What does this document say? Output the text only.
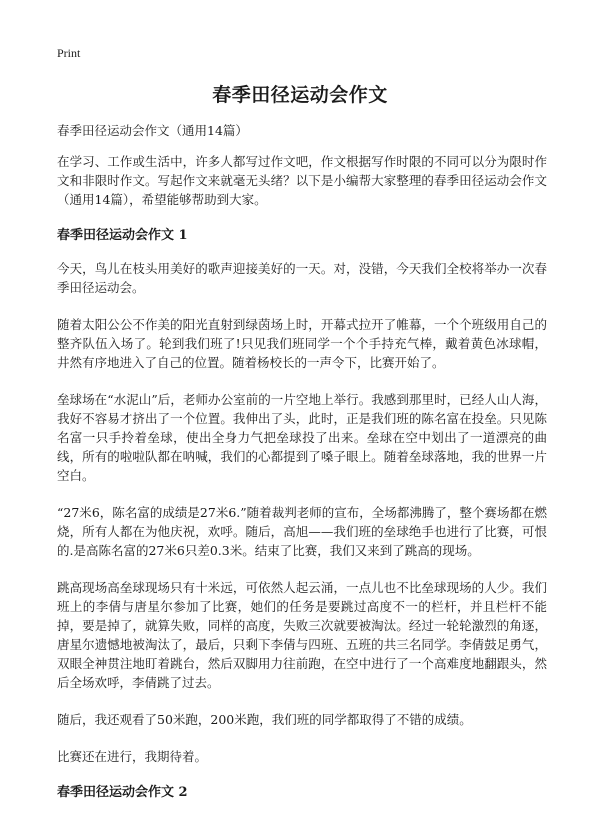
Print
春季田径运动会作文

春季田径运动会作文（通用14篇）

在学习、工作或生活中，许多人都写过作文吧，作文根据写作时限的不同可以分为限时作文和非限时作文。写起作文来就毫无头绪？以下是小编帮大家整理的春季田径运动会作文（通用14篇），希望能够帮助到大家。

春季田径运动会作文 1

今天，鸟儿在枝头用美好的歌声迎接美好的一天。对，没错，今天我们全校将举办一次春季田径运动会。

随着太阳公公不作美的阳光直射到绿茵场上时，开幕式拉开了帷幕，一个个班级用自己的整齐队伍入场了。轮到我们班了!只见我们班同学一个个手持充气棒，戴着黄色冰球帽，井然有序地进入了自己的位置。随着杨校长的一声令下，比赛开始了。

垒球场在“水泥山”后，老师办公室前的一片空地上举行。我感到那里时，已经人山人海，我好不容易才挤出了一个位置。我伸出了头，此时，正是我们班的陈名富在投垒。只见陈名富一只手拎着垒球，使出全身力气把垒球投了出来。垒球在空中划出了一道漂亮的曲线，所有的啦啦队都在呐喊，我们的心都提到了嗓子眼上。随着垒球落地，我的世界一片空白。

“27米6，陈名富的成绩是27米6.”随着裁判老师的宣布，全场都沸腾了，整个赛场都在燃烧，所有人都在为他庆祝，欢呼。随后，高旭——我们班的垒球绝手也进行了比赛，可恨的.是高陈名富的27米6只差0.3米。结束了比赛，我们又来到了跳高的现场。

跳高现场高垒球现场只有十米远，可依然人起云涌，一点儿也不比垒球现场的人少。我们班上的李倩与唐星尔参加了比赛，她们的任务是要跳过高度不一的栏杆，并且栏杆不能掉，要是掉了，就算失败，同样的高度，失败三次就要被淘汰。经过一轮轮激烈的角逐，唐星尔遗憾地被淘汰了，最后，只剩下李倩与四班、五班的共三名同学。李倩鼓足勇气，双眼全神贯注地盯着跳台，然后双脚用力往前跑，在空中进行了一个高难度地翻跟头，然后全场欢呼，李倩跳了过去。

随后，我还观看了50米跑，200米跑，我们班的同学都取得了不错的成绩。

比赛还在进行，我期待着。

春季田径运动会作文 2
